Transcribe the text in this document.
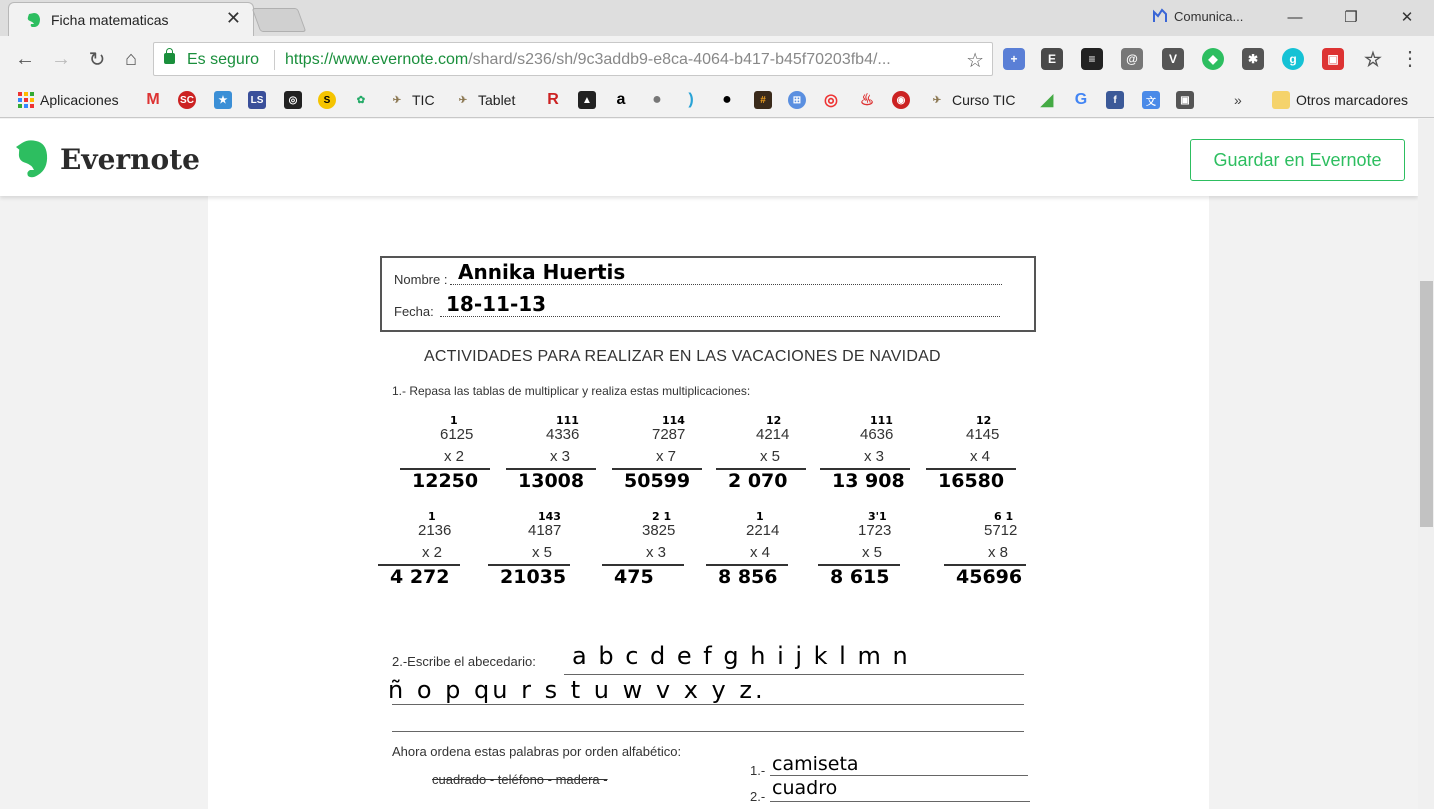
Ficha matematicas	✕	Comunica...	—	❐	✕
← → ↻ ⌂	Es seguro https://www.evernote.com/shard/s236/sh/9c3addb9-e8ca-4064-b417-b45f70203fb4/...	☆	+	E	≡	@	V	◆	✱	g	▣ ☆ ⋮
Aplicaciones M SC	★	LS	◎	S	✿	✈ TIC	✈ Tablet R	▲ a ●	)	●	#	⊞	◎ ♨	◉	✈ Curso TIC ◢ G	f	文	▣	»	Otros marcadores
Evernote	Guardar en Evernote
Nombre : Annika Huertis
Fecha: 18-11-13
ACTIVIDADES PARA REALIZAR EN LAS VACACIONES DE NAVIDAD
1.- Repasa las tablas de multiplicar y realiza estas multiplicaciones:
1
6125
x 2
12250
111
4336
x 3
13008
114
7287
x 7
50599
12
4214
x 5
2 070
111
4636
x 3
13 908
12
4145
x 4
16580
1
2136
x 2
4 272
143
4187
x 5
21035
2 1
3825
x 3
475
1
2214
x 4
8 856
3'1
1723
x 5
8 615
6 1
5712
x 8
45696
2.-Escribe el abecedario: a b c d e f g h i j k l m n
ñ o p qu r s t u w v x y z.
Ahora ordena estas palabras por orden alfabético:
cuadrado - teléfono - madera -
1.- camiseta
2.- cuadro
